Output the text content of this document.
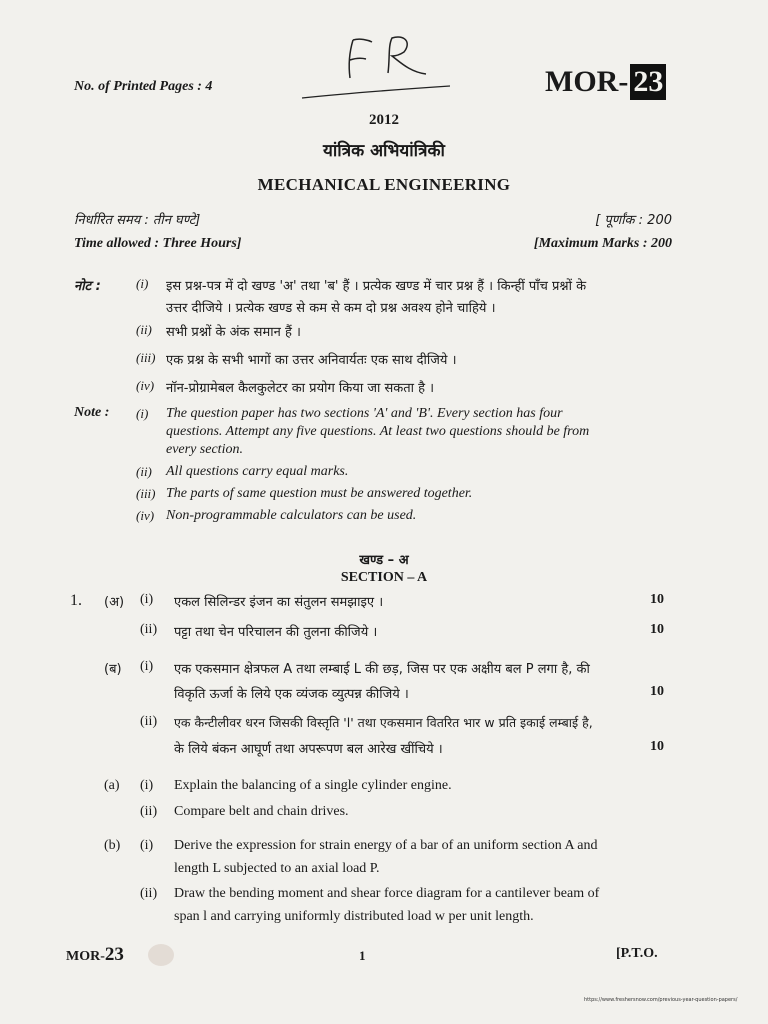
No. of Printed Pages : 4	MOR- 23
2012
यांत्रिक अभियांत्रिकी
MECHANICAL ENGINEERING
निर्धारित समय : तीन घण्टे]	[ पूर्णांक : 200
Time allowed : Three Hours]	[Maximum Marks : 200
नोट :	(i)	इस प्रश्न-पत्र में दो खण्ड 'अ' तथा 'ब' हैं । प्रत्येक खण्ड में चार प्रश्न हैं । किन्हीं पाँच प्रश्नों के
उत्तर दीजिये । प्रत्येक खण्ड से कम से कम दो प्रश्न अवश्य होने चाहिये ।
(ii)	सभी प्रश्नों के अंक समान हैं ।
(iii) एक प्रश्न के सभी भागों का उत्तर अनिवार्यतः एक साथ दीजिये ।
(iv) नॉन-प्रोग्रामेबल कैलकुलेटर का प्रयोग किया जा सकता है ।
Note : (i)	The question paper has two sections 'A' and 'B'. Every section has four
questions. Attempt any five questions. At least two questions should be from
every section.
(ii)	All questions carry equal marks.
(iii) The parts of same question must be answered together.
(iv) Non-programmable calculators can be used.
खण्ड – अ
SECTION – A
1. (अ) (i) एकल सिलिन्डर इंजन का संतुलन समझाइए ।	10
(ii) पट्टा तथा चेन परिचालन की तुलना कीजिये ।	10
(ब) (i) एक एकसमान क्षेत्रफल A तथा लम्बाई L की छड़, जिस पर एक अक्षीय बल P लगा है, की
विकृति ऊर्जा के लिये एक व्यंजक व्युत्पन्न कीजिये ।	10
(ii) एक कैन्टीलीवर धरन जिसकी विस्तृति 'l' तथा एकसमान वितरित भार w प्रति इकाई लम्बाई है,
के लिये बंकन आघूर्ण तथा अपरूपण बल आरेख खींचिये ।	10
(a) (i) Explain the balancing of a single cylinder engine.
(ii) Compare belt and chain drives.
(b) (i) Derive the expression for strain energy of a bar of an uniform section A and
length L subjected to an axial load P.
(ii) Draw the bending moment and shear force diagram for a cantilever beam of
span l and carrying uniformly distributed load w per unit length.
MOR-23	1	[P.T.O.
https://www.freshersnow.com/previous-year-question-papers/
